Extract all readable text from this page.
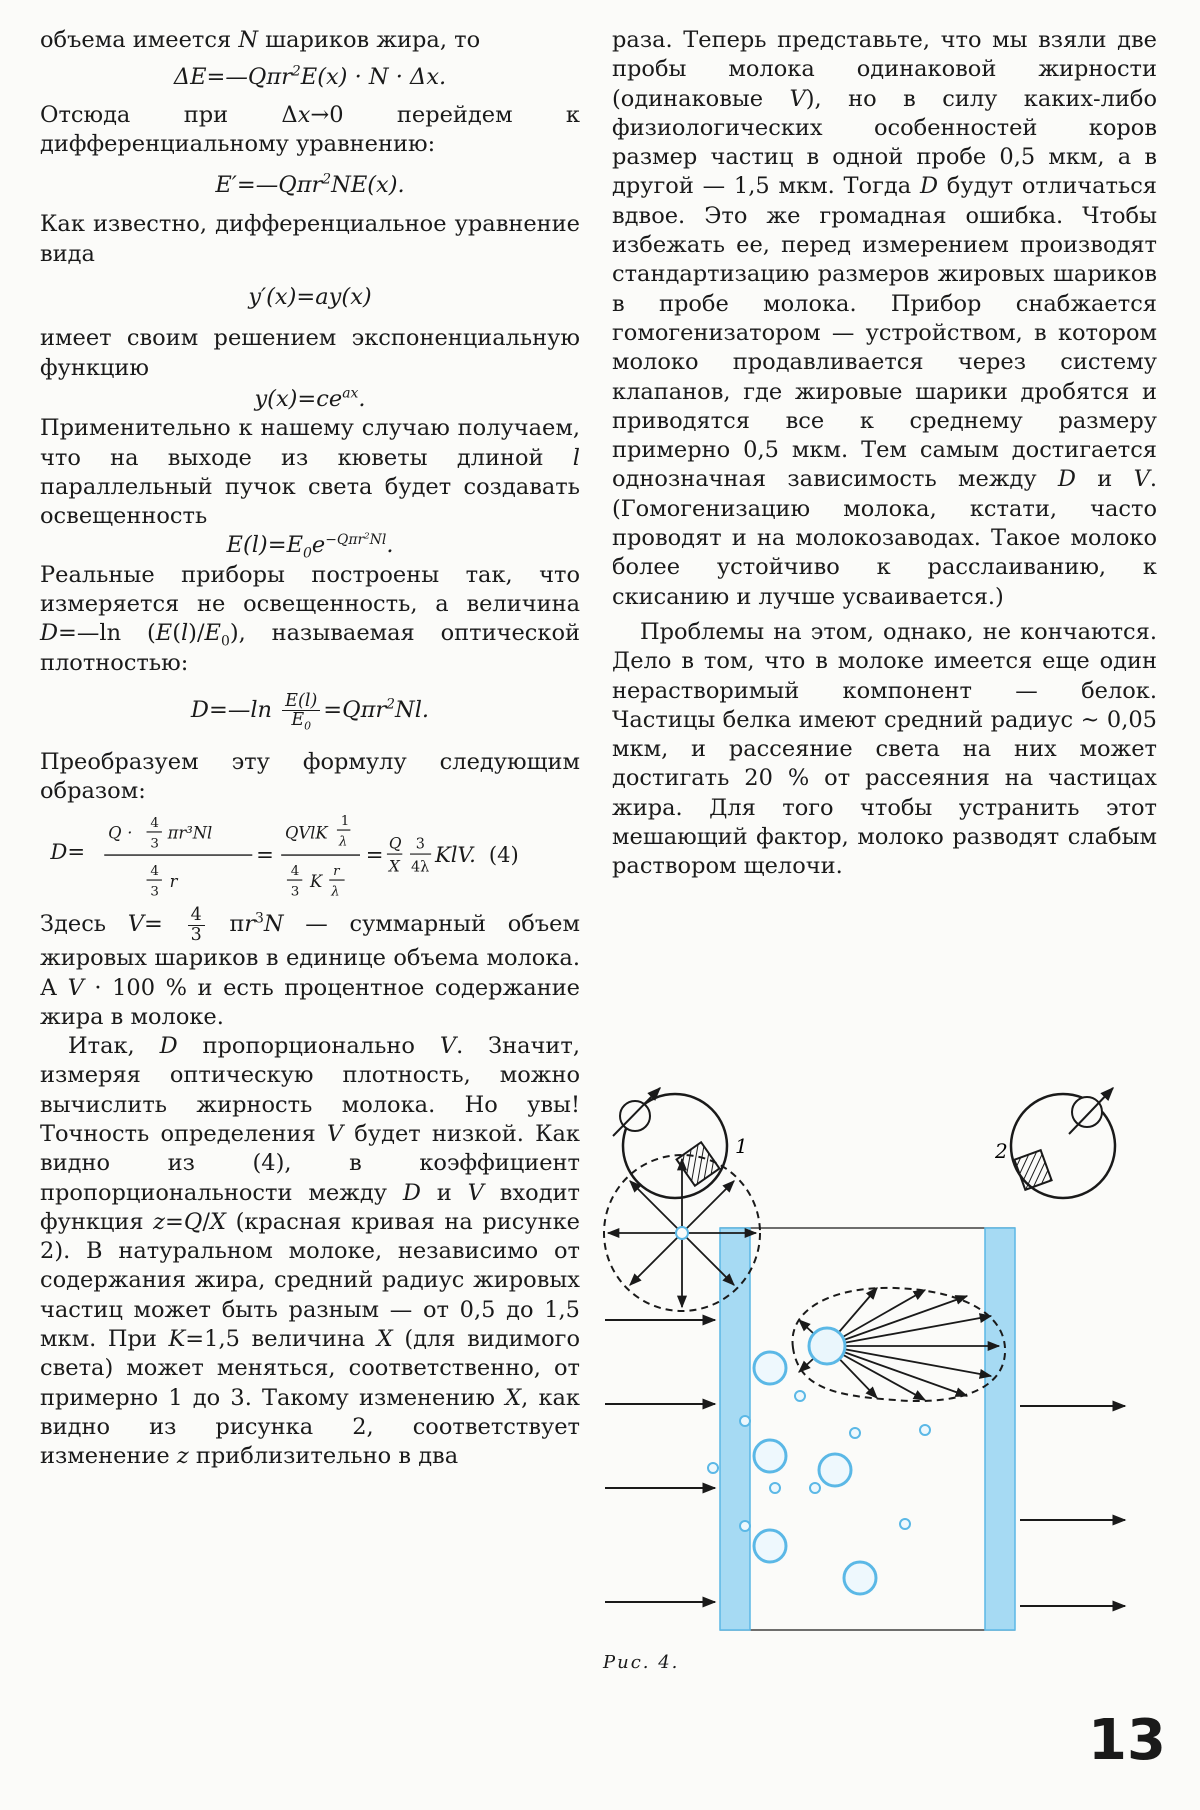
объема имеется N шариков жира, то

ΔE=—Qπr$^2$E(x) · N · Δx.

Отсюда при Δx→0 перейдем к дифференциальному уравнению:

E′=—Qπr$^2$NE(x).

Как известно, дифференциальное уравнение вида

y′(x)=ay(x)

имеет своим решением экспоненциальную функцию

$y(x)=ce^{ax}$.

Применительно к нашему случаю получаем, что на выходе из кюветы длиной l параллельный пучок света будет создавать освещенность

$E(l)=E_0e^{-Q\pi r^2Nl}$.

Реальные приборы построены так, что измеряется не освещенность, а величина D=—ln $(E(l)/E_0)$, называемая оптической плотностью:

D=—ln $\frac{E(l)}{E_0} =Q\pi r^2Nl$.

Преобразуем эту формулу следующим образом:

D=
Q ·
4
3
πr³Nl
4
3
r
=
QVlK
1
λ
4
3
K
r
λ
= Q
X
3
4λ
KlV. (4)

Здесь $V= \frac{4}{3} \pi r^3N$ — суммарный объем жировых шариков в единице объема молока. А V · 100 % и есть процентное содержание жира в молоке.

Итак, D пропорционально V. Значит, измеряя оптическую плотность, можно вычислить жирность молока. Но увы! Точность определения V будет низкой. Как видно из (4), в коэффициент пропорциональности между D и V входит функция z=Q/X (красная кривая на рисунке 2). В натуральном молоке, независимо от содержания жира, средний радиус жировых частиц может быть разным — от 0,5 до 1,5 мкм. При K=1,5 величина X (для видимого света) может меняться, соответственно, от примерно 1 до 3. Такому изменению X, как видно из рисунка 2, соответствует изменение z приблизительно в два

раза. Теперь представьте, что мы взяли две пробы молока одинаковой жирности (одинаковые V), но в силу каких-либо физиологических особенностей коров размер частиц в одной пробе 0,5 мкм, а в другой — 1,5 мкм. Тогда D будут отличаться вдвое. Это же громадная ошибка. Чтобы избежать ее, перед измерением производят стандартизацию размеров жировых шариков в пробе молока. Прибор снабжается гомогенизатором — устройством, в котором молоко продавливается через систему клапанов, где жировые шарики дробятся и приводятся все к среднему размеру примерно 0,5 мкм. Тем самым достигается однозначная зависимость между D и V. (Гомогенизацию молока, кстати, часто проводят и на молокозаводах. Такое молоко более устойчиво к расслаиванию, к скисанию и лучше усваивается.)

Проблемы на этом, однако, не кончаются. Дело в том, что в молоке имеется еще один нерастворимый компонент — белок. Частицы белка имеют средний радиус ~ 0,05 мкм, и рассеяние света на них может достигать 20 % от рассеяния на частицах жира. Для того чтобы устранить этот мешающий фактор, молоко разводят слабым раствором щелочи.

1	2
Рис. 4.
13
